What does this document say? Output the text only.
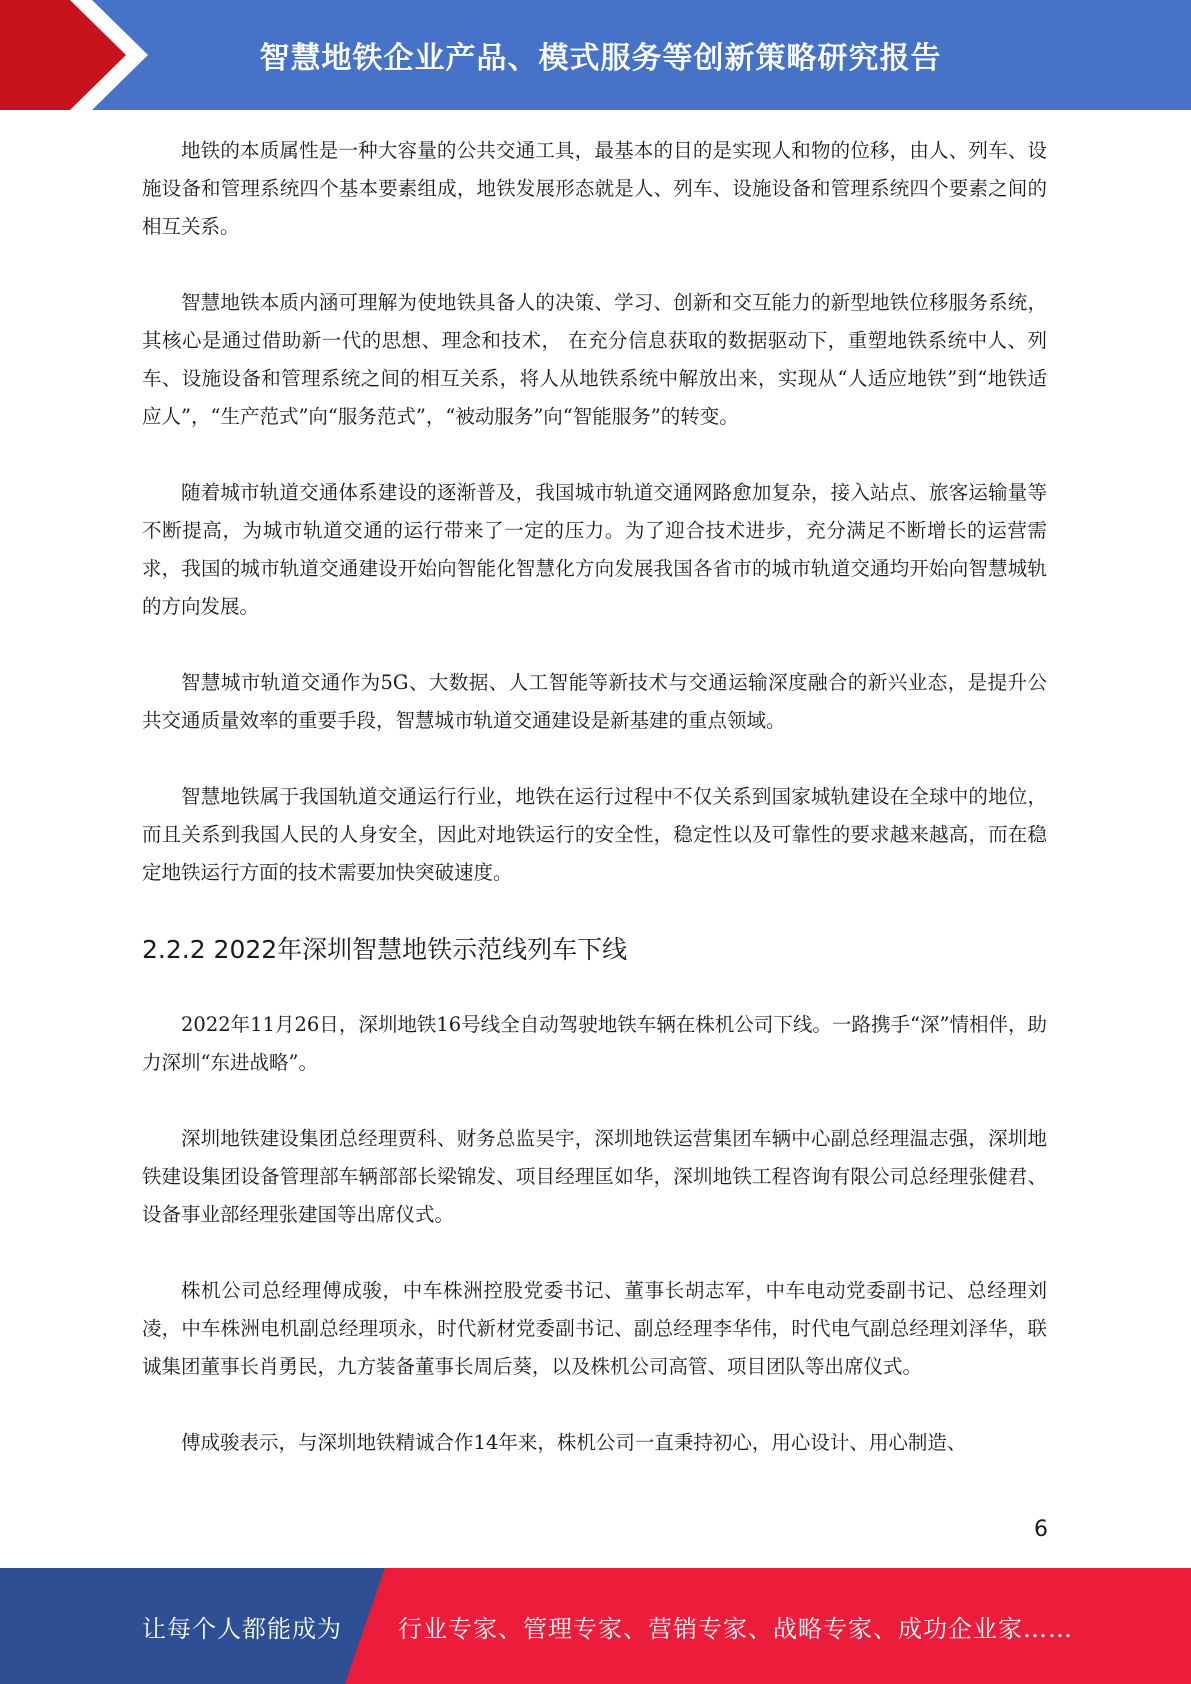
智慧地铁企业产品、模式服务等创新策略研究报告

地铁的本质属性是一种大容量的公共交通工具，最基本的目的是实现人和物的位移，由人、列车、设施设备和管理系统四个基本要素组成，地铁发展形态就是人、列车、设施设备和管理系统四个要素之间的相互关系。

智慧地铁本质内涵可理解为使地铁具备人的决策、学习、创新和交互能力的新型地铁位移服务系统，其核心是通过借助新一代的思想、理念和技术， 在充分信息获取的数据驱动下，重塑地铁系统中人、列车、设施设备和管理系统之间的相互关系，将人从地铁系统中解放出来，实现从“人适应地铁”到“地铁适应人”，“生产范式”向“服务范式”，“被动服务”向“智能服务”的转变。

随着城市轨道交通体系建设的逐渐普及，我国城市轨道交通网路愈加复杂，接入站点、旅客运输量等不断提高，为城市轨道交通的运行带来了一定的压力。为了迎合技术进步，充分满足不断增长的运营需求，我国的城市轨道交通建设开始向智能化智慧化方向发展我国各省市的城市轨道交通均开始向智慧城轨的方向发展。

智慧城市轨道交通作为5G、大数据、人工智能等新技术与交通运输深度融合的新兴业态，是提升公共交通质量效率的重要手段，智慧城市轨道交通建设是新基建的重点领域。

智慧地铁属于我国轨道交通运行行业，地铁在运行过程中不仅关系到国家城轨建设在全球中的地位，而且关系到我国人民的人身安全，因此对地铁运行的安全性，稳定性以及可靠性的要求越来越高，而在稳定地铁运行方面的技术需要加快突破速度。

2.2.2 2022年深圳智慧地铁示范线列车下线

2022年11月26日，深圳地铁16号线全自动驾驶地铁车辆在株机公司下线。一路携手“深”情相伴，助力深圳“东进战略”。

深圳地铁建设集团总经理贾科、财务总监吴宇，深圳地铁运营集团车辆中心副总经理温志强，深圳地铁建设集团设备管理部车辆部部长梁锦发、项目经理匡如华，深圳地铁工程咨询有限公司总经理张健君、设备事业部经理张建国等出席仪式。

株机公司总经理傅成骏，中车株洲控股党委书记、董事长胡志军，中车电动党委副书记、总经理刘凌，中车株洲电机副总经理项永，时代新材党委副书记、副总经理李华伟，时代电气副总经理刘泽华，联诚集团董事长肖勇民，九方装备董事长周后葵，以及株机公司高管、项目团队等出席仪式。

傅成骏表示，与深圳地铁精诚合作14年来，株机公司一直秉持初心，用心设计、用心制造、

6
让每个人都能成为 行业专家、管理专家、营销专家、战略专家、成功企业家……
